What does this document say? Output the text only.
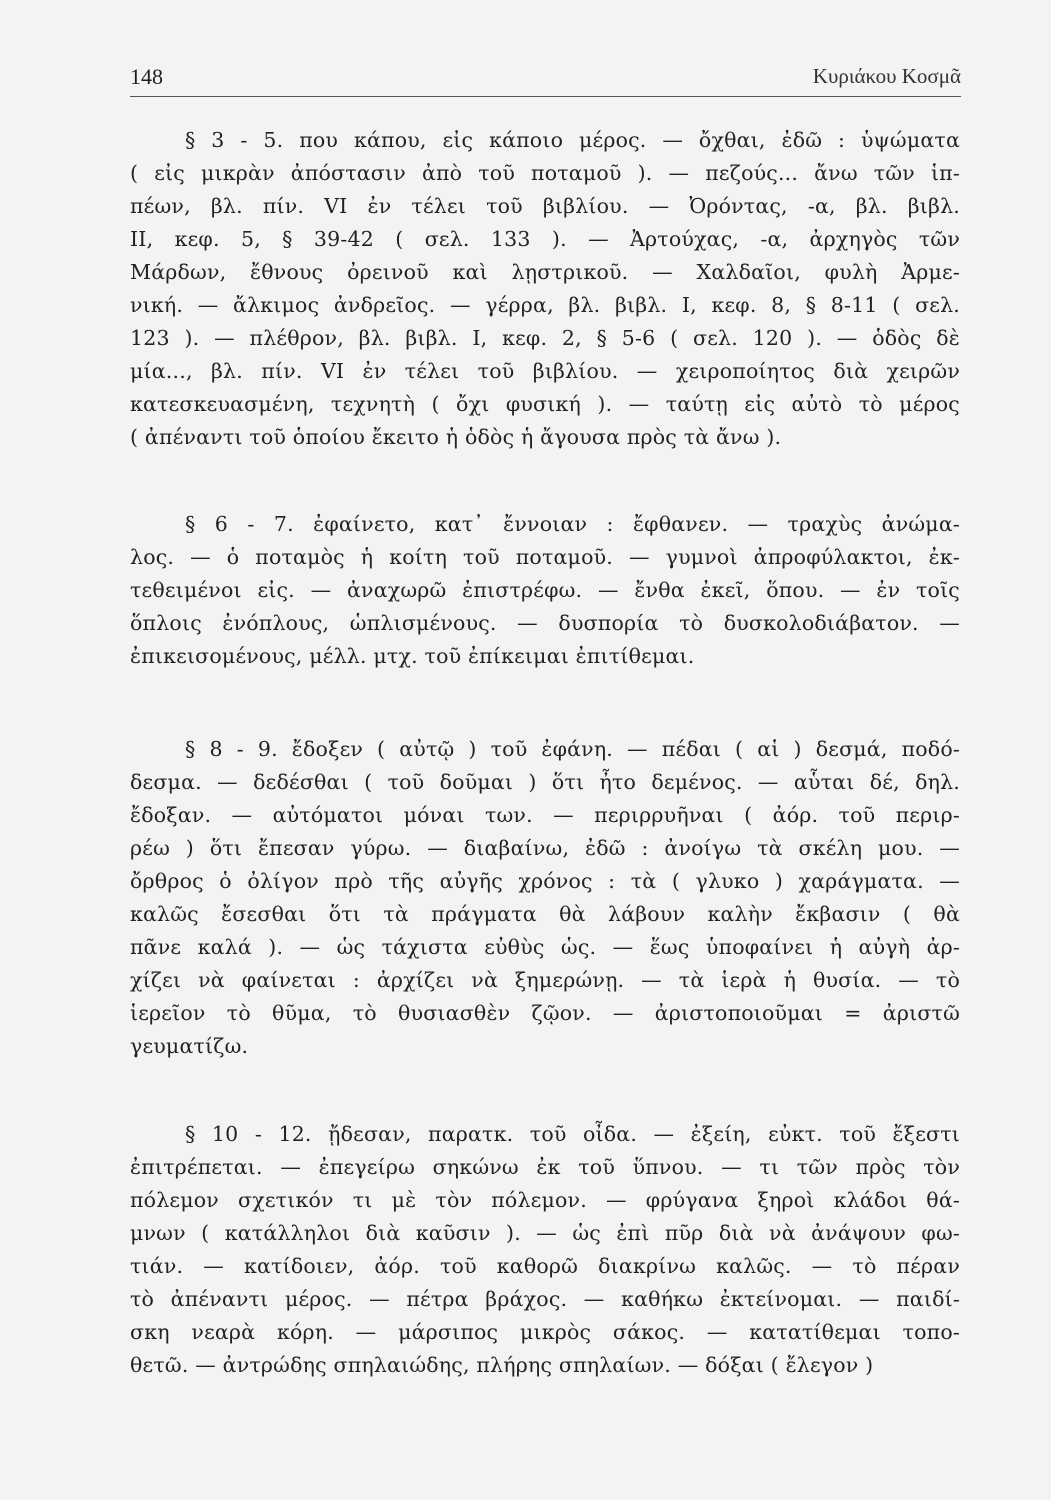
148	Κυριάκου Κοσμᾶ

§ 3 - 5. που κάπου, εἰς κάποιο μέρος. — ὄχθαι, ἐδῶ : ὑψώματα
( εἰς μικρὰν ἀπόστασιν ἀπὸ τοῦ ποταμοῦ ). — πεζούς... ἄνω τῶν ἱπ-
πέων, βλ. πίν. VI ἐν τέλει τοῦ βιβλίου. — Ὀρόντας, -α, βλ. βιβλ.
II, κεφ. 5, § 39-42 ( σελ. 133 ). — Ἀρτούχας, -α, ἀρχηγὸς τῶν
Μάρδων, ἔθνους ὀρεινοῦ καὶ λῃστρικοῦ. — Χαλδαῖοι, φυλὴ Ἀρμε-
νική. — ἄλκιμος ἀνδρεῖος. — γέρρα, βλ. βιβλ. I, κεφ. 8, § 8-11 ( σελ.
123 ). — πλέθρον, βλ. βιβλ. I, κεφ. 2, § 5-6 ( σελ. 120 ). — ὁδὸς δὲ
μία..., βλ. πίν. VI ἐν τέλει τοῦ βιβλίου. — χειροποίητος διὰ χειρῶν
κατεσκευασμένη, τεχνητὴ ( ὄχι φυσική ). — ταύτῃ εἰς αὐτὸ τὸ μέρος
( ἀπέναντι τοῦ ὁποίου ἔκειτο ἡ ὁδὸς ἡ ἄγουσα πρὸς τὰ ἄνω ).

§ 6 - 7. ἐφαίνετο, κατ᾽ ἔννοιαν : ἔφθανεν. — τραχὺς ἀνώμα-
λος. — ὁ ποταμὸς ἡ κοίτη τοῦ ποταμοῦ. — γυμνοὶ ἀπροφύλακτοι, ἐκ-
τεθειμένοι εἰς. — ἀναχωρῶ ἐπιστρέφω. — ἔνθα ἐκεῖ, ὅπου. — ἐν τοῖς
ὅπλοις ἐνόπλους, ὡπλισμένους. — δυσπορία τὸ δυσκολοδιάβατον. —
ἐπικεισομένους, μέλλ. μτχ. τοῦ ἐπίκειμαι ἐπιτίθεμαι.

§ 8 - 9. ἔδοξεν ( αὐτῷ ) τοῦ ἐφάνη. — πέδαι ( αἱ ) δεσμά, ποδό-
δεσμα. — δεδέσθαι ( τοῦ δοῦμαι ) ὅτι ἦτο δεμένος. — αὗται δέ, δηλ.
ἔδοξαν. — αὐτόματοι μόναι των. — περιρρυῆναι ( ἀόρ. τοῦ περιρ-
ρέω ) ὅτι ἔπεσαν γύρω. — διαβαίνω, ἐδῶ : ἀνοίγω τὰ σκέλη μου. —
ὄρθρος ὁ ὀλίγον πρὸ τῆς αὐγῆς χρόνος : τὰ ( γλυκο ) χαράγματα. —
καλῶς ἔσεσθαι ὅτι τὰ πράγματα θὰ λάβουν καλὴν ἔκβασιν ( θὰ
πᾶνε καλά ). — ὡς τάχιστα εὐθὺς ὡς. — ἕως ὑποφαίνει ἡ αὐγὴ ἀρ-
χίζει νὰ φαίνεται : ἀρχίζει νὰ ξημερώνῃ. — τὰ ἱερὰ ἡ θυσία. — τὸ
ἱερεῖον τὸ θῦμα, τὸ θυσιασθὲν ζῷον. — ἀριστοποιοῦμαι = ἀριστῶ
γευματίζω.

§ 10 - 12. ᾔδεσαν, παρατκ. τοῦ οἶδα. — ἐξείη, εὐκτ. τοῦ ἔξεστι
ἐπιτρέπεται. — ἐπεγείρω σηκώνω ἐκ τοῦ ὕπνου. — τι τῶν πρὸς τὸν
πόλεμον σχετικόν τι μὲ τὸν πόλεμον. — φρύγανα ξηροὶ κλάδοι θά-
μνων ( κατάλληλοι διὰ καῦσιν ). — ὡς ἐπὶ πῦρ διὰ νὰ ἀνάψουν φω-
τιάν. — κατίδοιεν, ἀόρ. τοῦ καθορῶ διακρίνω καλῶς. — τὸ πέραν
τὸ ἀπέναντι μέρος. — πέτρα βράχος. — καθήκω ἐκτείνομαι. — παιδί-
σκη νεαρὰ κόρη. — μάρσιπος μικρὸς σάκος. — κατατίθεμαι τοπο-
θετῶ. — ἀντρώδης σπηλαιώδης, πλήρης σπηλαίων. — δόξαι ( ἔλεγον )
